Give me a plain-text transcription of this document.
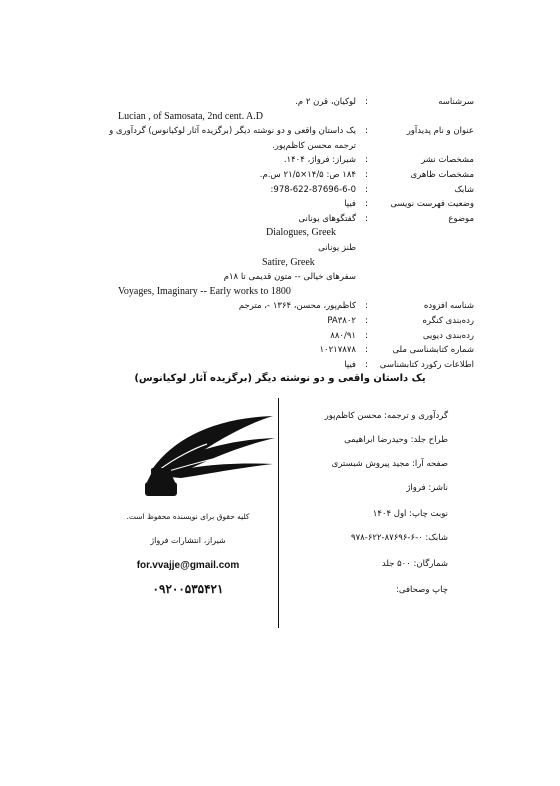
سرشناسه
:
لوکیان، قرن ۲ م.
Lucian , of Samosata, 2nd cent. A.D
عنوان و نام پدیدآور
:
یک داستان واقعی و دو نوشته دیگر (برگزیده آثار لوکیانوس) گردآوری و
ترجمه محسن کاظم‌پور.
مشخصات نشر
:
شیراز: فرواژ، ۱۴۰۴.
مشخصات ظاهری
:
۱۸۴ ص: ۱۴/۵×۲۱/۵ س.م.
شابک
:
978-622-87696-6-0:
وضعیت فهرست نویسی
:
فیپا
موضوع
:
گفتگوهای یونانی
Dialogues, Greek
طنز یونانی
Satire, Greek
سفرهای خیالی -- متون قدیمی تا ۱۸م
Voyages, Imaginary -- Early works to 1800
شناسه افزوده
:
کاظم‌پور، محسن، ۱۳۶۴ -، مترجم
رده‌بندی کنگره
:
PA۳۸۰۲
رده‌بندی دیویی
:
۸۸۰/۹۱
شماره کتابشناسی ملی
:
۱۰۲۱۷۸۷۸
اطلاعات رکورد کتابشناسی
:
فیپا
یک داستان واقعی و دو نوشته دیگر (برگزیده آثار لوکیانوس)
گردآوری و ترجمه: محسن کاظم‌پور
طراح جلد: وحیدرضا ابراهیمی
صفحه آرا: مجید پیروش شبستری
ناشر: فرواژ
نوبت چاپ: اول ۱۴۰۴
شابک: ۰-۶-۸۷۶۹۶-۶۲۲-۹۷۸
شمارگان: ۵۰۰ جلد
چاپ وصحافی:
کلیه حقوق برای نویسنده محفوظ است.
شیراز، انتشارات فرواژ
for.vvajje@gmail.com
۰۹۲۰۰۵۳۵۴۲۱
